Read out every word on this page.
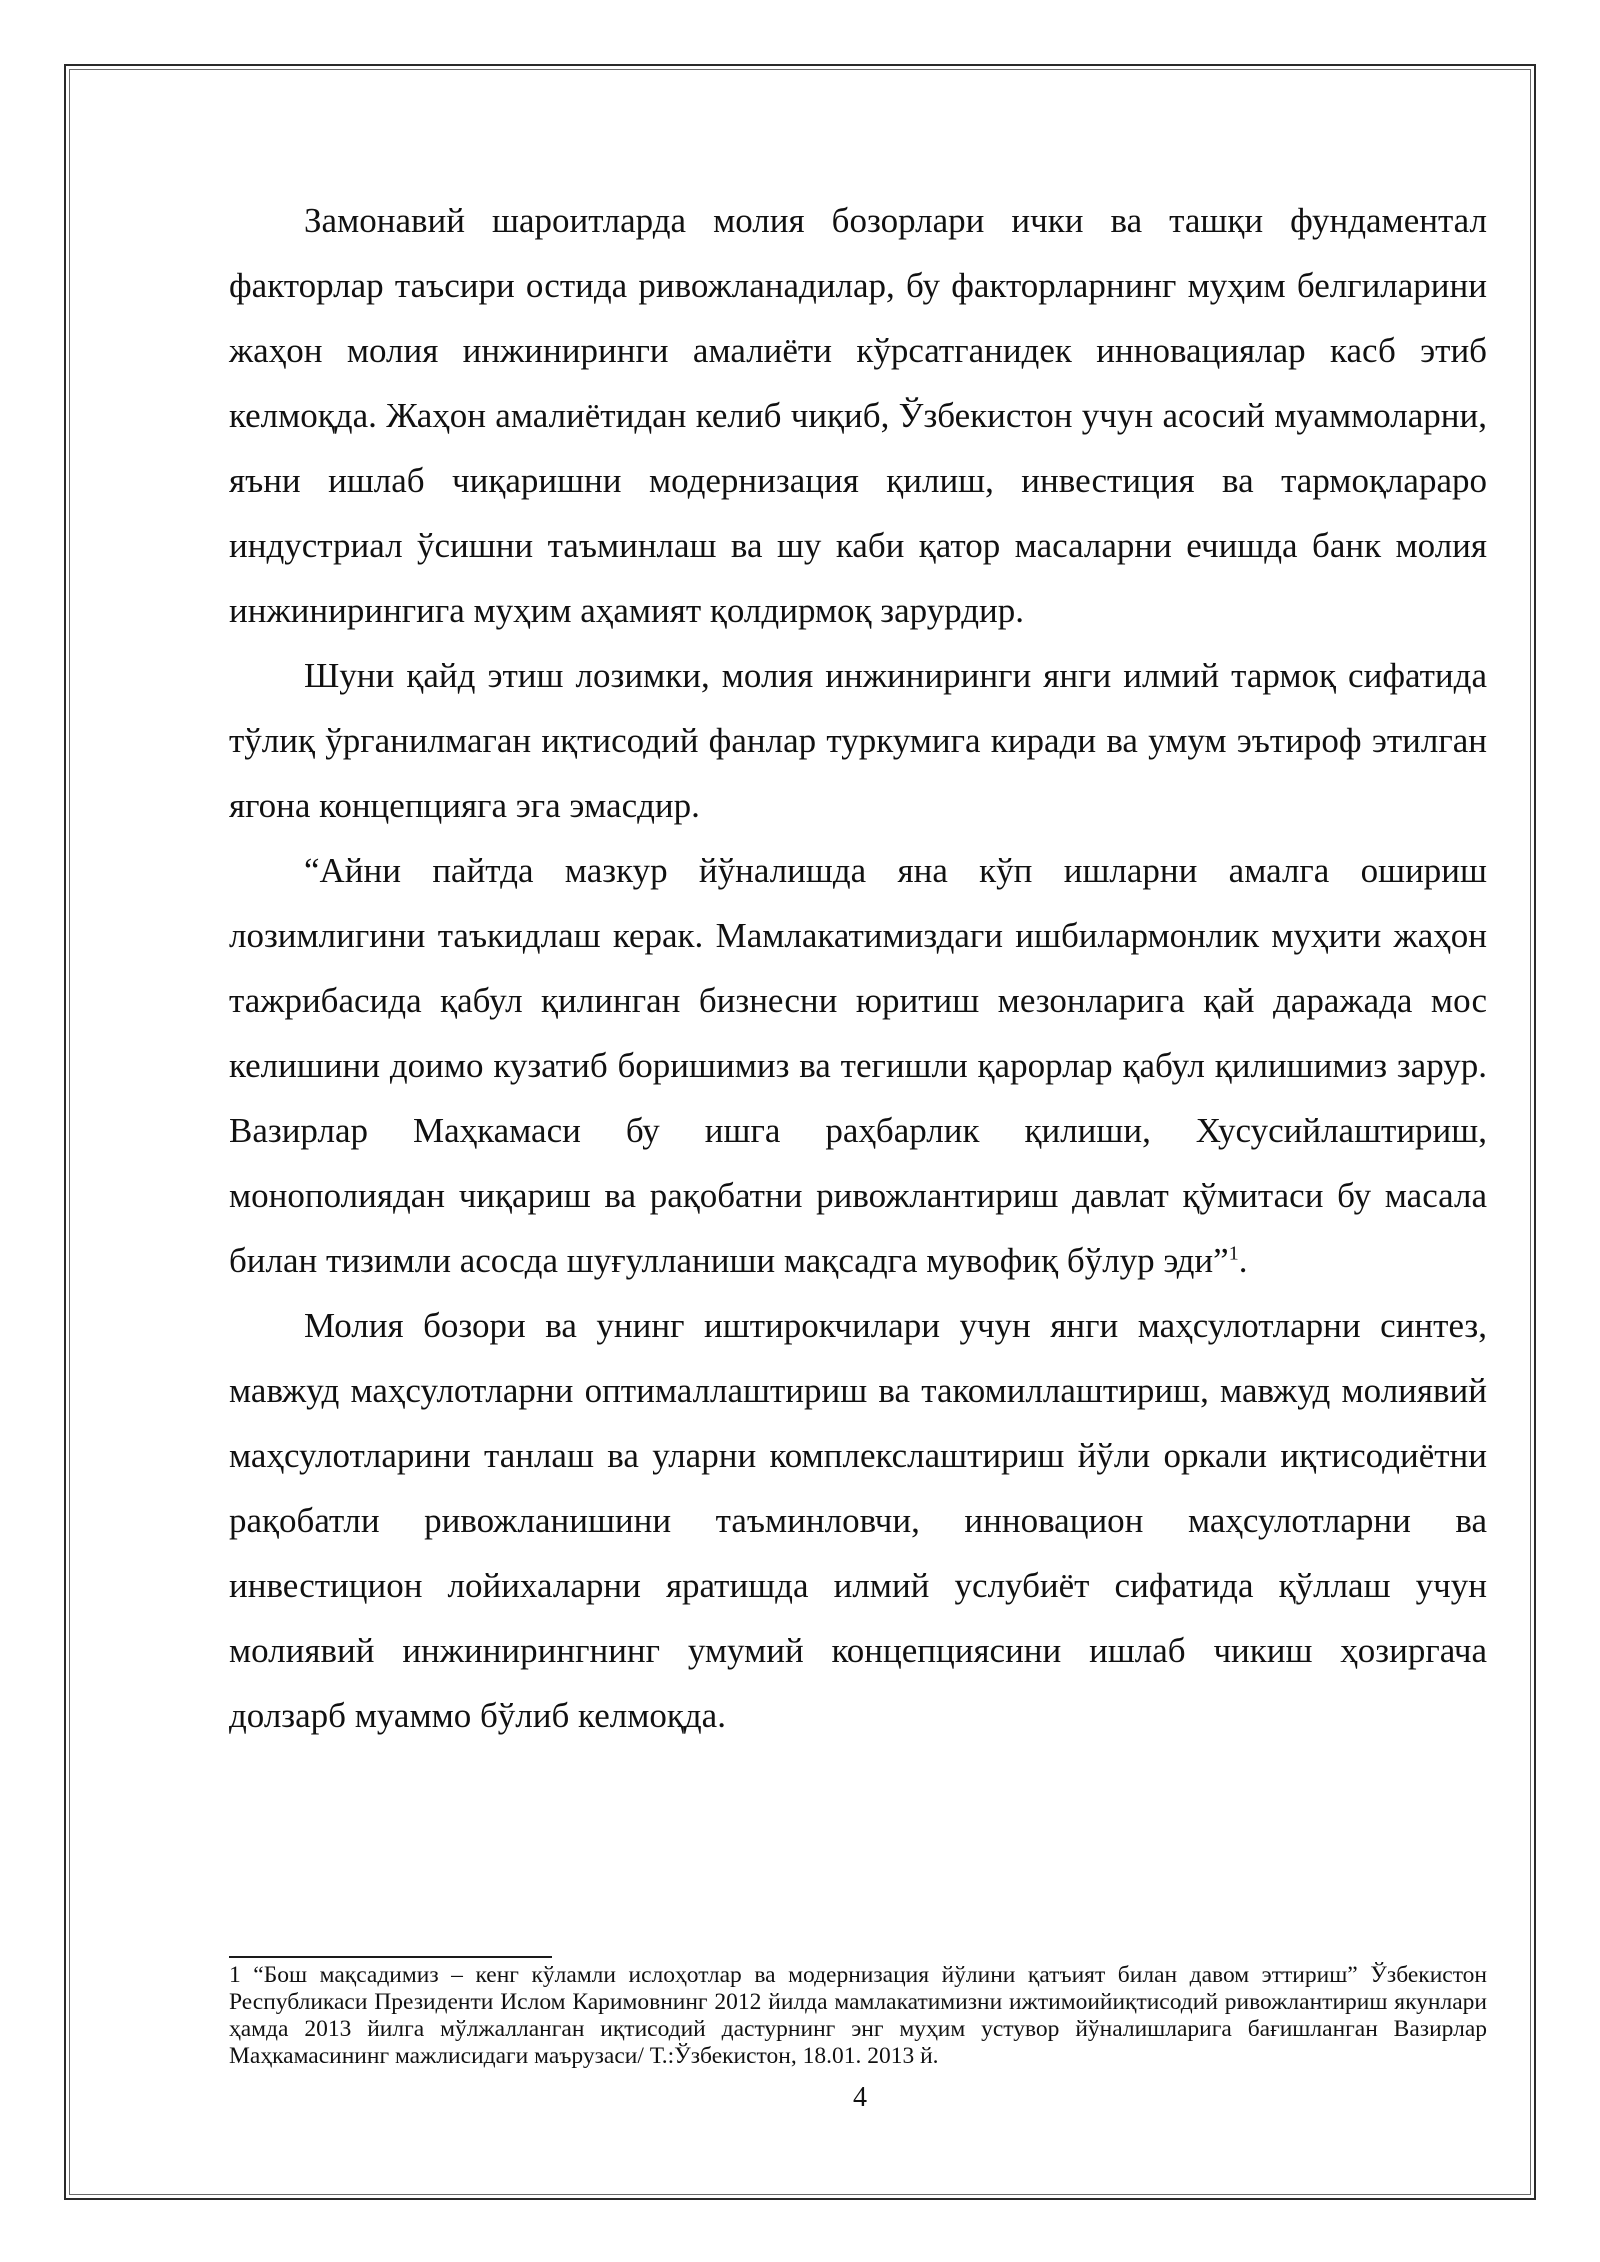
Замонавий шароитларда молия бозорлари ички ва ташқи фундаментал факторлар таъсири остида ривожланадилар, бу факторларнинг муҳим белгиларини жаҳон молия инжиниринги амалиёти кўрсатганидек инновациялар касб этиб келмоқда. Жаҳон амалиётидан келиб чиқиб, Ўзбекистон учун асосий муаммоларни, яъни ишлаб чиқаришни модернизация қилиш, инвестиция ва тармоқлараро индустриал ўсишни таъминлаш ва шу каби қатор масаларни ечишда банк молия инжинирингига муҳим аҳамият қолдирмоқ зарурдир.

Шуни қайд этиш лозимки, молия инжиниринги янги илмий тармоқ сифатида тўлиқ ўрганилмаган иқтисодий фанлар туркумига киради ва умум эътироф этилган ягона концепцияга эга эмасдир.

“Айни пайтда мазкур йўналишда яна кўп ишларни амалга ошириш лозимлигини таъкидлаш керак. Мамлакатимиздаги ишбилармонлик муҳити жаҳон тажрибасида қабул қилинган бизнесни юритиш мезонларига қай даражада мос келишини доимо кузатиб боришимиз ва тегишли қарорлар қабул қилишимиз зарур. Вазирлар Маҳкамаси бу ишга раҳбарлик қилиши, Хусусийлаштириш, монополиядан чиқариш ва рақобатни ривожлантириш давлат қўмитаси бу масала билан тизимли асосда шуғулланиши мақсадга мувофиқ бўлур эди”$^1$.

Молия бозори ва унинг иштирокчилари учун янги маҳсулотларни синтез, мавжуд маҳсулотларни оптималлаштириш ва такомиллаштириш, мавжуд молиявий маҳсулотларини танлаш ва уларни комплекслаштириш йўли оркали иқтисодиётни рақобатли ривожланишини таъминловчи, инновацион маҳсулотларни ва инвестицион лойихаларни яратишда илмий услубиёт сифатида қўллаш учун молиявий инжинирингнинг умумий концепциясини ишлаб чикиш ҳозиргача долзарб муаммо бўлиб келмоқда.

1 “Бош мақсадимиз – кенг кўламли ислоҳотлар ва модернизация йўлини қатъият билан давом эттириш” Ўзбекистон Республикаси Президенти Ислом Каримовнинг 2012 йилда мамлакатимизни ижтимоийиқтисодий ривожлантириш якунлари ҳамда 2013 йилга мўлжалланган иқтисодий дастурнинг энг муҳим устувор йўналишларига бағишланган Вазирлар Маҳкамасининг мажлисидаги маърузаси/ Т.:Ўзбекистон, 18.01. 2013 й.

4
